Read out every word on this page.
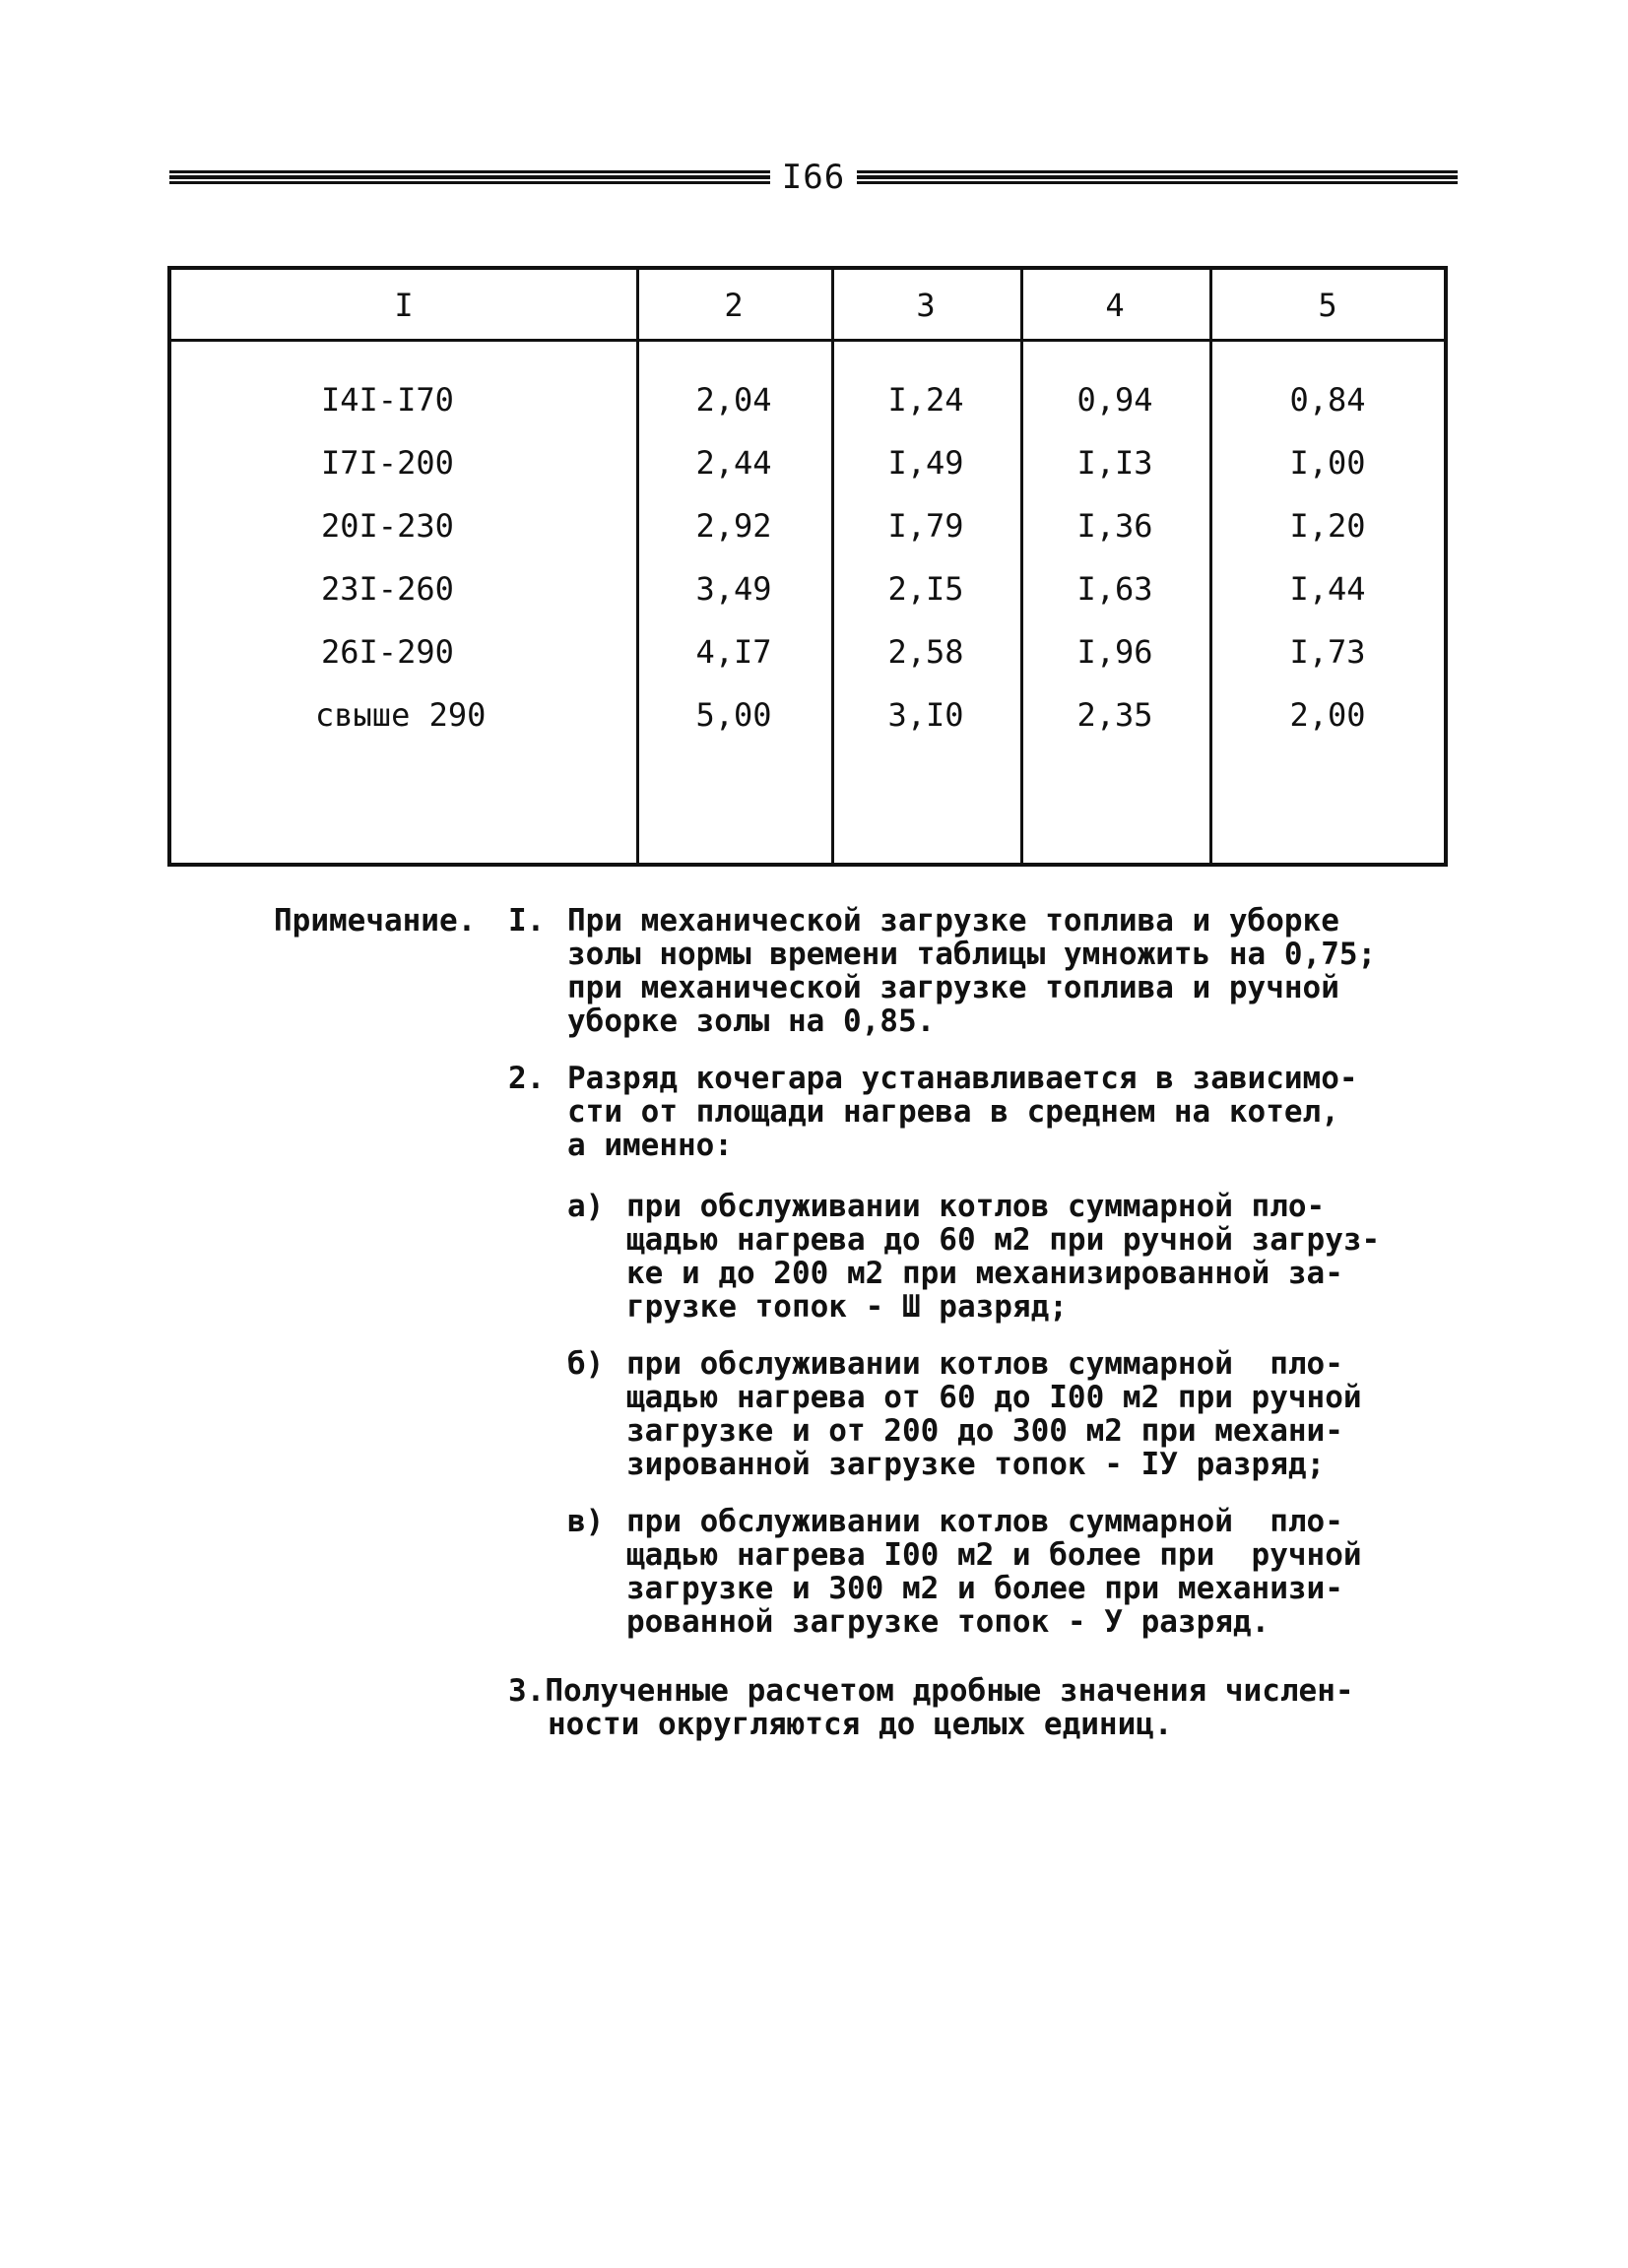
I66
I	2	3	4	5
I4I-I70	2,04	I,24	0,94	0,84
I7I-200	2,44	I,49	I,I3	I,00
20I-230	2,92	I,79	I,36	I,20
23I-260	3,49	2,I5	I,63	I,44
26I-290	4,I7	2,58	I,96	I,73
свыше 290	5,00	3,I0	2,35	2,00
Примечание. I. При механической загрузке топлива и уборке
золы нормы времени таблицы умножить на 0,75;
при механической загрузке топлива и ручной
уборке золы на 0,85.
2. Разряд кочегара устанавливается в зависимо-
сти от площади нагрева в среднем на котел,
а именно:
а) при обслуживании котлов суммарной пло-
щадью нагрева до 60 м2 при ручной загруз-
ке и до 200 м2 при механизированной за-
грузке топок - Ш разряд;
б) при обслуживании котлов суммарной  пло-
щадью нагрева от 60 до I00 м2 при ручной
загрузке и от 200 до 300 м2 при механи-
зированной загрузке топок - IУ разряд;
в) при обслуживании котлов суммарной  пло-
щадью нагрева I00 м2 и более при  ручной
загрузке и 300 м2 и более при механизи-
рованной загрузке топок - У разряд.
3.Полученные расчетом дробные значения числен-
ности округляются до целых единиц.
